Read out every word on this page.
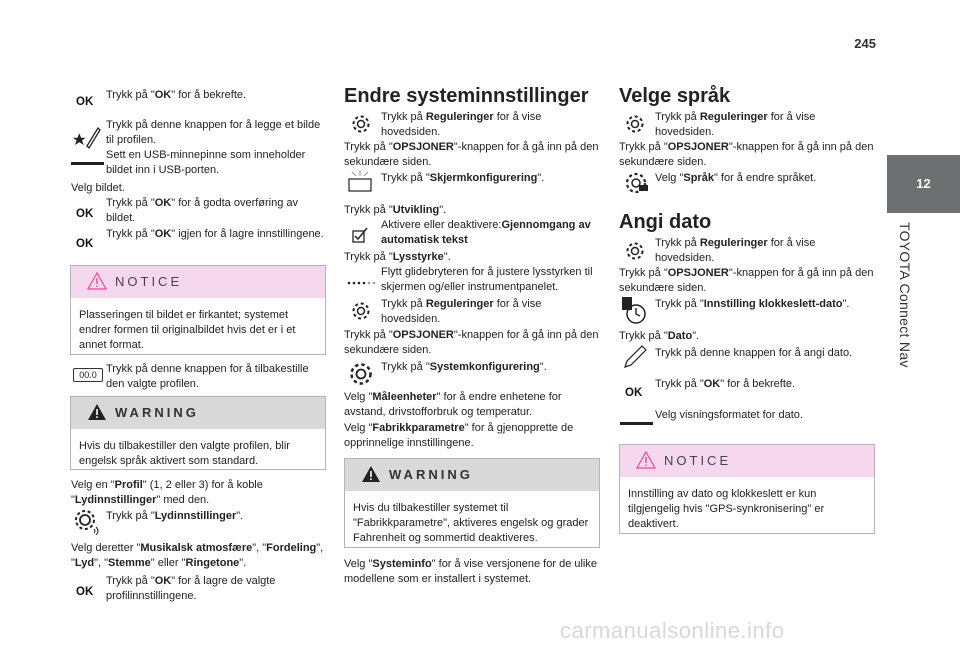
245
12
TOYOTA Connect Nav
OK
Trykk på "OK" for å bekrefte.
Trykk på denne knappen for å legge et bilde til profilen.
Sett en USB-minnepinne som inneholder bildet inn i USB-porten.
Velg bildet.
OK
Trykk på "OK" for å godta overføring av bildet.
OK
Trykk på "OK" igjen for å lagre innstillingene.
NOTICE
Plasseringen til bildet er firkantet; systemet endrer formen til originalbildet hvis det er i et annet format.
00.0 Trykk på denne knappen for å tilbakestille den valgte profilen.
WARNING
Hvis du tilbakestiller den valgte profilen, blir engelsk språk aktivert som standard.
Velg en "Profil" (1, 2 eller 3) for å koble "Lydinnstillinger" med den.
Trykk på "Lydinnstillinger".
Velg deretter "Musikalsk atmosfære", "Fordeling", "Lyd", "Stemme" eller "Ringetone".
OK
Trykk på "OK" for å lagre de valgte profilinnstillingene.
Endre systeminnstillinger
Trykk på Reguleringer for å vise hovedsiden.
Trykk på "OPSJONER"-knappen for å gå inn på den sekundære siden.
Trykk på "Skjermkonfigurering".
Trykk på "Utvikling".
Aktivere eller deaktivere:Gjennomgang av automatisk tekst
Trykk på "Lysstyrke".
Flytt glidebryteren for å justere lysstyrken til skjermen og/eller instrumentpanelet.
Trykk på Reguleringer for å vise hovedsiden.
Trykk på "OPSJONER"-knappen for å gå inn på den sekundære siden.
Trykk på "Systemkonfigurering".
Velg "Måleenheter" for å endre enhetene for avstand, drivstofforbruk og temperatur.
Velg "Fabrikkparametre" for å gjenopprette de opprinnelige innstillingene.
WARNING
Hvis du tilbakestiller systemet til "Fabrikkparametre", aktiveres engelsk og grader Fahrenheit og sommertid deaktiveres.
Velg "Systeminfo" for å vise versjonene for de ulike modellene som er installert i systemet.
Velge språk
Trykk på Reguleringer for å vise hovedsiden.
Trykk på "OPSJONER"-knappen for å gå inn på den sekundære siden.
Velg "Språk" for å endre språket.
Angi dato
Trykk på Reguleringer for å vise hovedsiden.
Trykk på "OPSJONER"-knappen for å gå inn på den sekundære siden.
Trykk på "Innstilling klokkeslett-dato".
Trykk på "Dato".
Trykk på denne knappen for å angi dato.
OK
Trykk på "OK" for å bekrefte.
Velg visningsformatet for dato.
NOTICE
Innstilling av dato og klokkeslett er kun tilgjengelig hvis "GPS-synkronisering" er deaktivert.
carmanualsonline.info
